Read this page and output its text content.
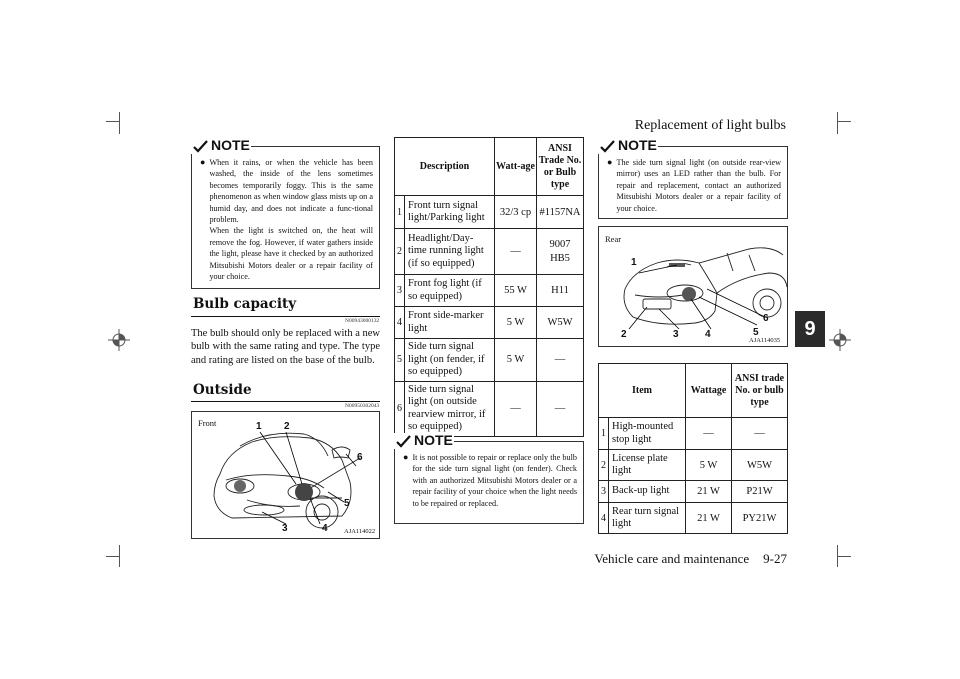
Replacement of light bulbs
Vehicle care and maintenance 9-27
9
NOTE
● When it rains, or when the vehicle has been washed, the inside of the lens sometimes becomes temporarily foggy. This is the same phenomenon as when window glass mists up on a humid day, and does not indicate a func-tional problem.
When the light is switched on, the heat will remove the fog. However, if water gathers inside the light, please have it checked by an authorized Mitsubishi Motors dealer or a repair facility of your choice.
Bulb capacity
N00943000132
The bulb should only be replaced with a new bulb with the same rating and type. The type and rating are listed on the base of the bulb.
Outside
N00950302043
Front	1 2
3	4
5
6
AJA114022
Description		Watt-age	ANSI Trade No. or Bulb type
1	Front turn signal light/Parking light	32/3 cp	#1157NA
2	Headlight/Day-time running light (if so equipped)	—	9007
HB5
3	Front fog light (if so equipped)	55 W	H11
4	Front side-marker light	5 W	W5W
5	Side turn signal light (on fender, if so equipped)	5 W	—
6	Side turn signal light (on outside rearview mirror, if so equipped)	—	—
NOTE
● It is not possible to repair or replace only the bulb for the side turn signal light (on fender). Check with an authorized Mitsubishi Motors dealer or a repair facility of your choice when the light needs to be repaired or replaced.
NOTE
● The side turn signal light (on outside rear-view mirror) uses an LED rather than the bulb. For repair and replacement, contact an authorized Mitsubishi Motors dealer or a repair facility of your choice.
Rear
1
2	3	4	5
6
AJA114035
Item		Wattage	ANSI trade No. or bulb type
1	High-mounted stop light	—	—
2	License plate light	5 W	W5W
3	Back-up light	21 W	P21W
4	Rear turn signal light	21 W	PY21W
